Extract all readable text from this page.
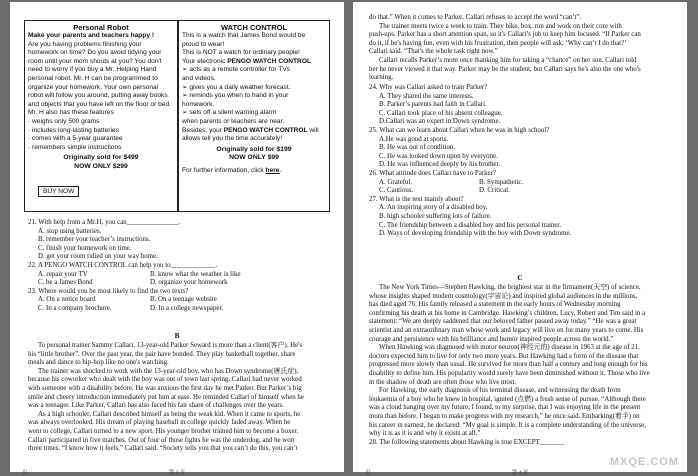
Personal Robot
Make your parents and teachers happy !
Are you having problems finishing your
homework on time? Do you avoid tidying your
room until your mom shouts at you? You don't
need to worry if you buy a Mr. Helping Hand
personal robot. Mr. H can be programmed to
organize your homework. Your own personal
robot will follow you around, putting away books
and objects that you have left on the floor or bed.
Mr. H also has these features
· weighs only 500 grams
· includes long-lasting batteries
· comes with a 5-year guarantee
· remembers simple instructions
Originally sold for $499
NOW ONLY $299
BUY NOW
WATCH CONTROL
This is a watch that James Bond would be
proud to wear!
This is NOT a watch for ordinary people!
Your electronic PENGO WATCH CONTROL
➢ acts as a remote controller for TVs
and videos.
➢ gives you a daily weather forecast.
➢ reminds you when to hand in your
homework.
➢ sets off a silent warning alarm
when parents or teachers are near.
Besides, your PENGO WATCH CONTROL will allows tell you the time accurately!
Originally sold for $199
NOW ONLY $99
For further information, click here.
21. With help from a Mr.H, you can_______________.
A. stop using batteries.
B. remember your teacher’s instructions.
C. finish your homework on time.
D. get your room tidied on your way home.
22. A PENGO WATCH CONTROL can help you to_____________.
A. repair your TV	B. know what the weather is like
C. be a James Bond	D. organize your homework
23. Where would you be most likely to find the two texts?
A. On a notice board	B. On a teenage website
C. In a company brochure.	D. In a college newspaper.
B
To personal trainer Sammy Callari, 13-year-old Parker Seward is more than a client(客户). He's
his “little brother”. Over the past year, the pair have bonded. They play basketball together, share
meals and dance to hip-hop like no one's watching.
The trainer was shocked to work with the 13-year-old boy, who has Down syndrome(唐氏症),
because his coworker who dealt with the boy was out of town last spring. Callari had never worked
with someone with a disability before. He was anxious the first day he met Parker. But Parker’s big
smile and cheery introduction immediately put him at ease. He reminded Callari of himself when he
was a teenager. Like Parker, Callari has also faced his fair share of challenges over the years.
As a high schooler, Callari described himself as being the weak kid. When it came to sports, he
was always overlooked. His dream of playing baseball in college quickly faded away. When he
went to college, Callari turned to a new sport. His younger brother trained him to become a boxer.
Callari participated in five matches. Out of four of those fights he was the underdog, and he won
three times. “I know how it feels,” Callari said. “Society tells you that you can’t do this, you can’t
页	第 3 页
do that.” When it comes to Parker, Callari refuses to accept the word “can’t”.
The trainer meets twice a week to train. They bike, box, run and work on their core with
push-ups. Parker has a short attention span, so it's Callari’s job to keep him focused. “If Parker can
do it, if he's having fun, even with his frustration, then people will ask, ‘Why can’t I do that?’
Callari said. “That's the whole task right now.”
Callari recalls Parker’s mom once thanking him for taking a “chance” on her son. Callari told
her he never viewed it that way. Parker may be the student, but Callari says he's also the one who's
learning.
24. Why was Callari asked to train Parker?
A. They shared the same interests.
B. Parker’s parents had faith in Callari.
C. Callari took place of his absent colleague.
D.Callari was an expert in Down syndrome.
25. What can we learn about Callari when he was in high school?
A.He was good at sports.
B. He was out of condition.
C. He was looked down upon by everyone.
D. He was influenced deeply by his brother.
26. What attitude does Callari have to Parker?
A. Grateful.	B. Sympathetic.
C. Cautious.	D. Critical.
27. What is the text mainly about?
A. An inspiring story of a disabled boy.
B. high schooler suffering lots of failure.
C. The friendship between a disabled boy and his personal trainer.
D. Ways of developing friendship with the boy with Down syndrome.
C
The New York Times—Stephen Hawking, the brightest star in the firmament(天空) of science,
whose insights shaped modern cosmology(宇宙论) and inspired global audiences in the millions,
has died aged 76. His family released a statement in the early hours of Wednesday morning
confirming his death at his home in Cambridge. Hawking’s children, Lucy, Robert and Tim said in a
statement: “We are deeply saddened that our beloved father passed away today.” “He was a great
scientist and an extraordinary man whose work and legacy will live on for many years to come. His
courage and persistence with his brilliance and humor inspired people across the world.”
When Hawking was diagnosed with motor neuron(神经元的) disease in 1963 at the age of 21,
doctors expected him to live for only two more years. But Hawking had a form of the disease that
progressed more slowly than usual. He survived for more than half a century and long enough for his
disability to define him. His popularity would surely have been diminished without it. Those who live
in the shadow of death are often those who live most.
For Hawking, the early diagnosis of his terminal disease, and witnessing the death from
leukaemia of a boy who he knew in hospital, ignited (点燃) a fresh sense of pursue. “Although there
was a cloud hanging over my future, I found, to my surprise, that I was enjoying life in the present
more than before. I began to make progress with my research,” he once said. Embarking(着手) on
his career in earnest, he declared: “My goal is simple. It is a complete understanding of the universe,
why it is as it is and why it exists at all.”
28. The following statements about Hawking is true EXCEPT_______
页	第 4 页
MXQE.COM
